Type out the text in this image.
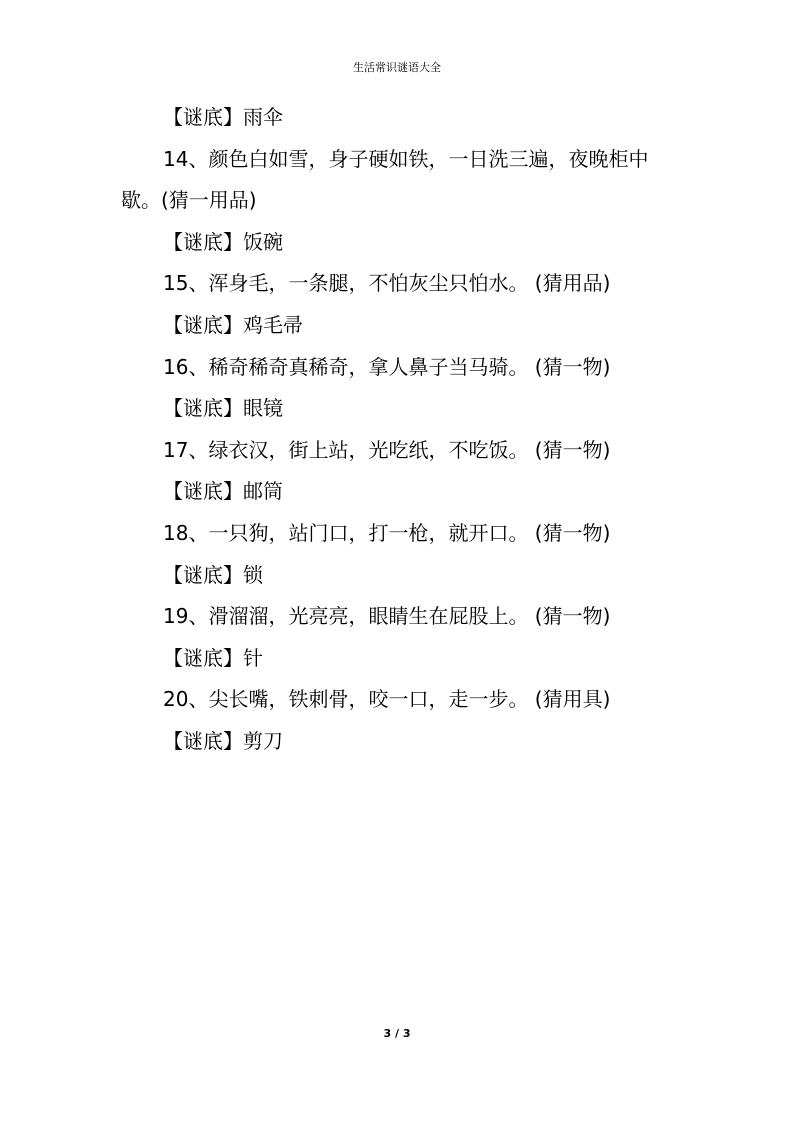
生活常识谜语大全
【谜底】雨伞
14、颜色白如雪，身子硬如铁，一日洗三遍，夜晚柜中歇。(猜一用品)
【谜底】饭碗
15、浑身毛，一条腿，不怕灰尘只怕水。 (猜用品)
【谜底】鸡毛帚
16、稀奇稀奇真稀奇，拿人鼻子当马骑。 (猜一物)
【谜底】眼镜
17、绿衣汉，街上站，光吃纸，不吃饭。 (猜一物)
【谜底】邮筒
18、一只狗，站门口，打一枪，就开口。 (猜一物)
【谜底】锁
19、滑溜溜，光亮亮，眼睛生在屁股上。 (猜一物)
【谜底】针
20、尖长嘴，铁刺骨，咬一口，走一步。 (猜用具)
【谜底】剪刀
3 / 3
